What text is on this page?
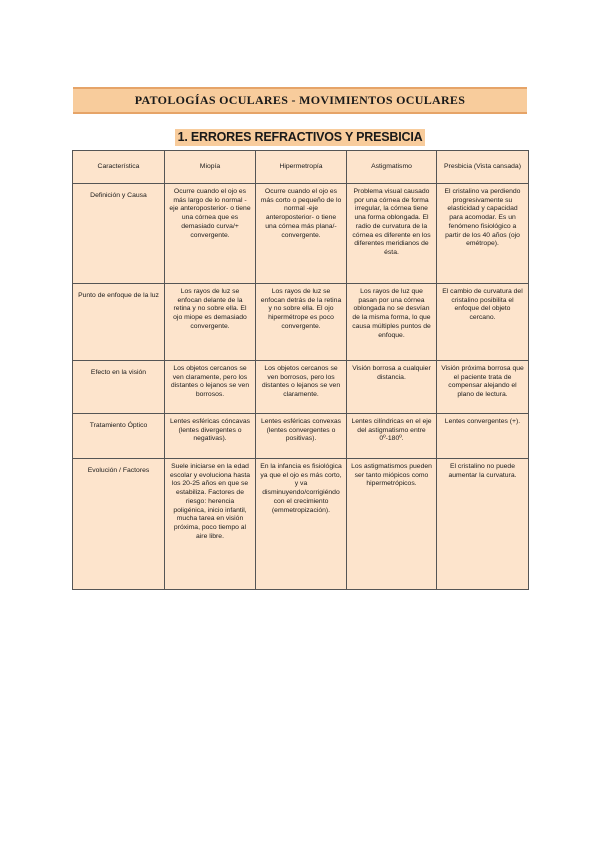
PATOLOGÍAS OCULARES - MOVIMIENTOS OCULARES
1. ERRORES REFRACTIVOS Y PRESBICIA
Característica	Miopía	Hipermetropía	Astigmatismo	Presbicia (Vista cansada)
Definición y Causa	Ocurre cuando el ojo es más largo de lo normal -eje anteroposterior- o tiene una córnea que es demasiado curva/+ convergente.	Ocurre cuando el ojo es más corto o pequeño de lo normal -eje anteroposterior- o tiene una córnea más plana/- convergente.	Problema visual causado por una córnea de forma irregular, la córnea tiene una forma oblongada. El radio de curvatura de la córnea es diferente en los diferentes meridianos de ésta.	El cristalino va perdiendo progresivamente su elasticidad y capacidad para acomodar. Es un fenómeno fisiológico a partir de los 40 años (ojo emétrope).
Punto de enfoque de la luz	Los rayos de luz se enfocan delante de la retina y no sobre ella. El ojo miope es demasiado convergente.	Los rayos de luz se enfocan detrás de la retina y no sobre ella. El ojo hipermétrope es poco convergente.	Los rayos de luz que pasan por una córnea oblongada no se desvían de la misma forma, lo que causa múltiples puntos de enfoque.	El cambio de curvatura del cristalino posibilita el enfoque del objeto cercano.
Efecto en la visión	Los objetos cercanos se ven claramente, pero los distantes o lejanos se ven borrosos.	Los objetos cercanos se ven borrosos, pero los distantes o lejanos se ven claramente.	Visión borrosa a cualquier distancia.	Visión próxima borrosa que el paciente trata de compensar alejando el plano de lectura.
Tratamiento Óptico	Lentes esféricas cóncavas (lentes divergentes o negativas).	Lentes esféricas convexas (lentes convergentes o positivas).	Lentes cilíndricas en el eje del astigmatismo entre 0º-180º.	Lentes convergentes (+).
Evolución / Factores	Suele iniciarse en la edad escolar y evoluciona hasta los 20-25 años en que se estabiliza. Factores de riesgo: herencia poligénica, inicio infantil, mucha tarea en visión próxima, poco tiempo al aire libre.	En la infancia es fisiológica ya que el ojo es más corto, y va disminuyendo/corrigiéndo con el crecimiento (emmetropización).	Los astigmatismos pueden ser tanto miópicos como hipermetrópicos.	El cristalino no puede aumentar la curvatura.
